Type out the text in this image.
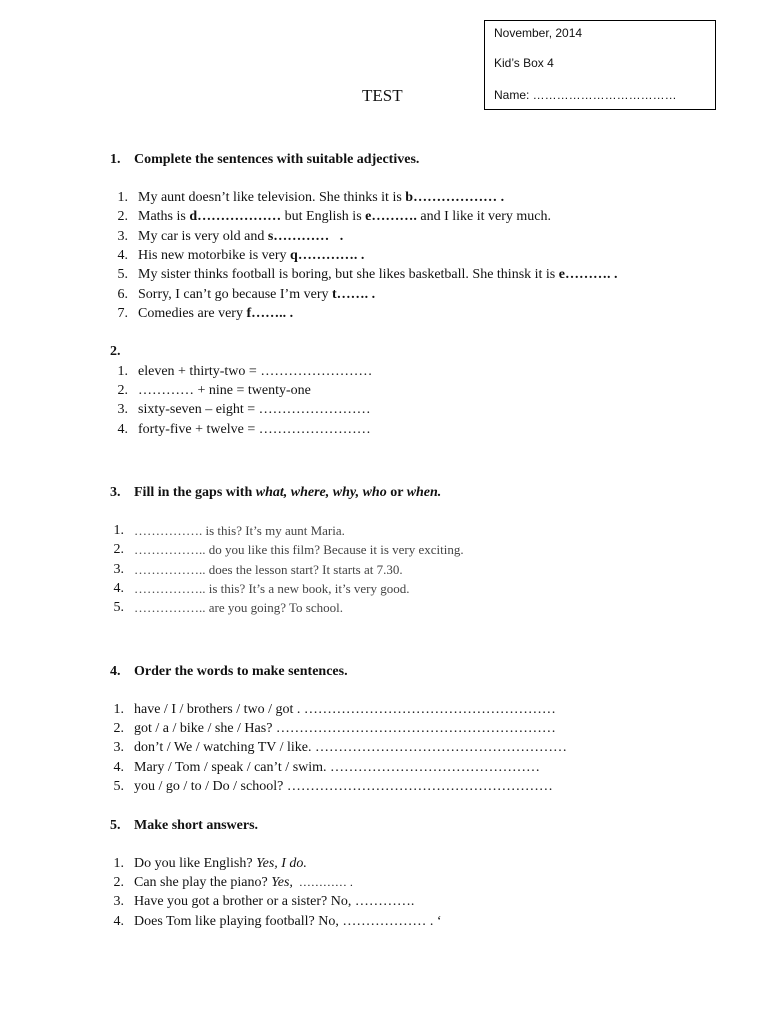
November, 2014
Kid’s Box 4
Name: ………………………………
TEST
1. Complete the sentences with suitable adjectives.
1. My aunt doesn’t like television. She thinks it is b……………… .
2. Maths is d……………… but English is e………. and I like it very much.
3. My car is very old and s…………   .
4. His new motorbike is very q…………. .
5. My sister thinks football is boring, but she likes basketball. She thinsk it is e………. .
6. Sorry, I can’t go because I’m very t……. .
7. Comedies are very f…….. .
2.
1. eleven + thirty-two = ……………………
2. ………… + nine = twenty-one
3. sixty-seven – eight = ……………………
4. forty-five + twelve = ……………………
3. Fill in the gaps with what, where, why, who or when.
1. ……………. is this? It’s my aunt Maria.
2. …………….. do you like this film? Because it is very exciting.
3. …………….. does the lesson start? It starts at 7.30.
4. …………….. is this? It’s a new book, it’s very good.
5. …………….. are you going? To school.
4. Order the words to make sentences.
1. have / I / brothers / two / got . ………………………………………………
2. got / a / bike / she / Has? ……………………………………………………
3. don’t / We / watching TV / like. ………………………………………………
4. Mary / Tom / speak / can’t / swim. ………………………………………
5. you / go / to / Do / school? …………………………………………………
5. Make short answers.
1. Do you like English? Yes, I do.
2. Can she play the piano? Yes,  ………… .
3. Have you got a brother or a sister? No, ………….
4. Does Tom like playing football? No, ……………… . ‘
